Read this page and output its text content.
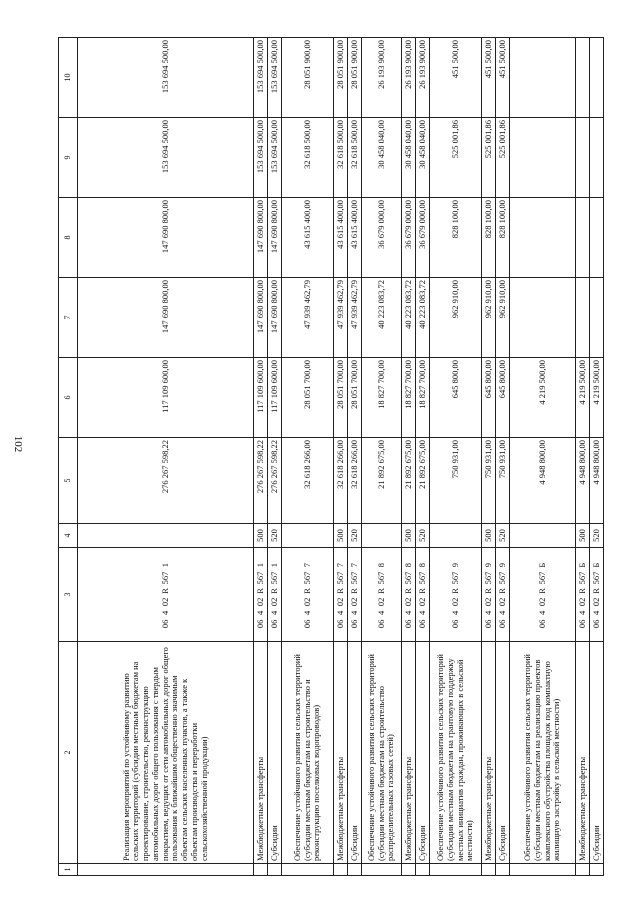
102
1	2	3	4	5	6	7	8	9	10
	Реализация мероприятий по устойчивому развитию сельских территорий (субсидии местным бюджетам на проектирование, строительство, реконструкцию автомобильных дорог общего пользования с твердым покрытием, ведущих от сети автомобильных дорог общего пользования к ближайшим общественно значимым объектам сельских населенных пунктов, а также к объектам производства и переработки сельскохозяйственной продукции)	06402R5671		276 267 598,22	117 109 600,00	147 690 800,00	147 690 800,00	153 694 500,00	153 694 500,00
	Межбюджетные трансферты	06402R5671	500	276 267 598,22	117 109 600,00	147 690 800,00	147 690 800,00	153 694 500,00	153 694 500,00
	Субсидии	06402R5671	520	276 267 598,22	117 109 600,00	147 690 800,00	147 690 800,00	153 694 500,00	153 694 500,00
	Обеспечение устойчивого развития сельских территорий (субсидии местным бюджетам на строительство и реконструкцию поселковых водопроводов)	06402R5677		32 618 266,00	28 051 700,00	47 939 462,79	43 615 400,00	32 618 500,00	28 051 900,00
	Межбюджетные трансферты	06402R5677	500	32 618 266,00	28 051 700,00	47 939 462,79	43 615 400,00	32 618 500,00	28 051 900,00
	Субсидии	06402R5677	520	32 618 266,00	28 051 700,00	47 939 462,79	43 615 400,00	32 618 500,00	28 051 900,00
	Обеспечение устойчивого развития сельских территорий (субсидии местным бюджетам на строительство распределительных газовых сетей)	06402R5678		21 892 675,00	18 827 700,00	40 223 083,72	36 679 000,00	30 458 040,00	26 193 900,00
	Межбюджетные трансферты	06402R5678	500	21 892 675,00	18 827 700,00	40 223 083,72	36 679 000,00	30 458 040,00	26 193 900,00
	Субсидии	06402R5678	520	21 892 675,00	18 827 700,00	40 223 083,72	36 679 000,00	30 458 040,00	26 193 900,00
	Обеспечение устойчивого развития сельских территорий (субсидии местным бюджетам на грантовую поддержку местных инициатив граждан, проживающих в сельской местности)	06402R5679		750 931,00	645 800,00	962 910,00	828 100,00	525 001,86	451 500,00
	Межбюджетные трансферты	06402R5679	500	750 931,00	645 800,00	962 910,00	828 100,00	525 001,86	451 500,00
	Субсидии	06402R5679	520	750 931,00	645 800,00	962 910,00	828 100,00	525 001,86	451 500,00
	Обеспечение устойчивого развития сельских территорий (субсидии местным бюджетам на реализацию проектов комплексного обустройства площадок под компактную жилищную застройку в сельской местности)	06402R567Б		4 948 800,00	4 219 500,00				
	Межбюджетные трансферты	06402R567Б	500	4 948 800,00	4 219 500,00				
	Субсидии	06402R567Б	520	4 948 800,00	4 219 500,00				
